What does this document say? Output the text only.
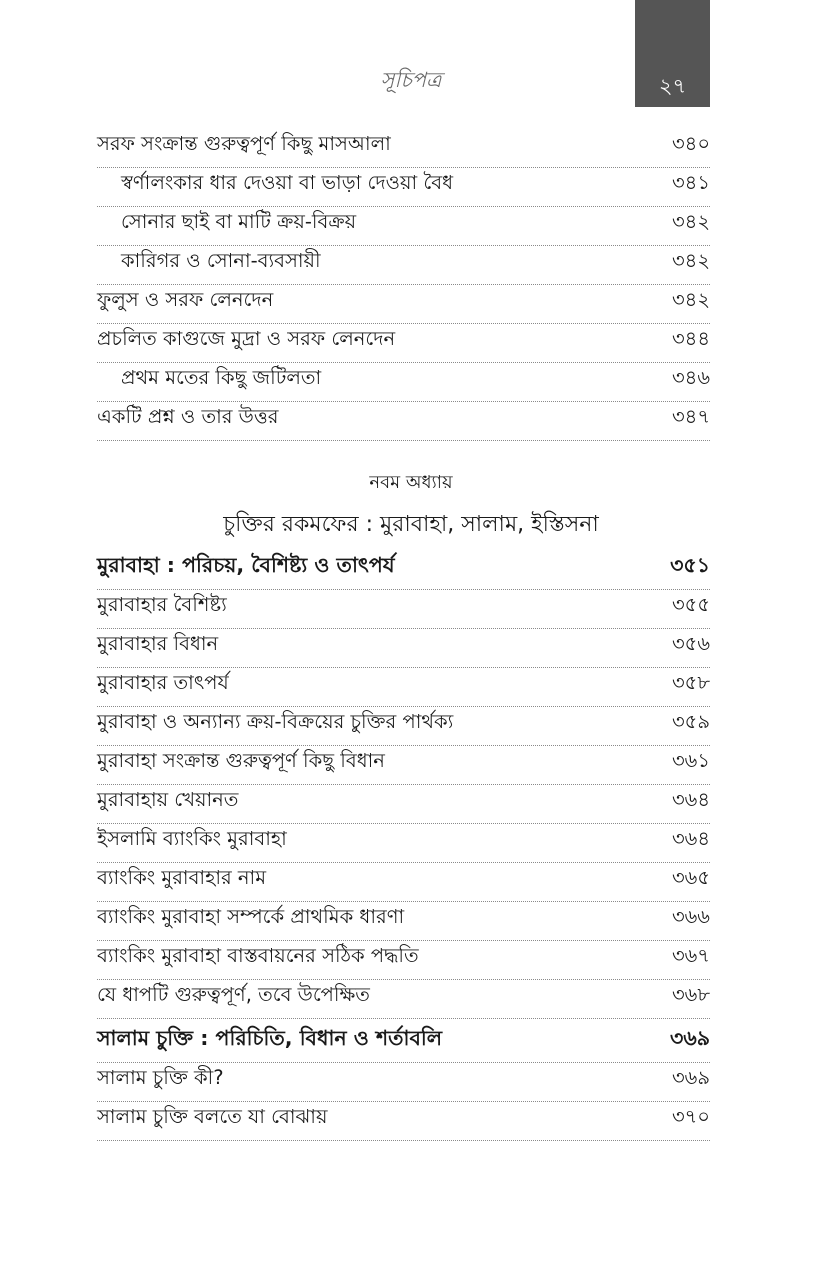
সূচিপত্র	২৭
সরফ সংক্রান্ত গুরুত্বপূর্ণ কিছু মাসআলা	৩৪০
স্বর্ণালংকার ধার দেওয়া বা ভাড়া দেওয়া বৈধ	৩৪১
সোনার ছাই বা মাটি ক্রয়-বিক্রয়	৩৪২
কারিগর ও সোনা-ব্যবসায়ী	৩৪২
ফুলুস ও সরফ লেনদেন	৩৪২
প্রচলিত কাগুজে মুদ্রা ও সরফ লেনদেন	৩৪৪
প্রথম মতের কিছু জটিলতা	৩৪৬
একটি প্রশ্ন ও তার উত্তর	৩৪৭
নবম অধ্যায়
চুক্তির রকমফের : মুরাবাহা, সালাম, ইস্তিসনা
মুরাবাহা : পরিচয়, বৈশিষ্ট্য ও তাৎপর্য	৩৫১
মুরাবাহার বৈশিষ্ট্য	৩৫৫
মুরাবাহার বিধান	৩৫৬
মুরাবাহার তাৎপর্য	৩৫৮
মুরাবাহা ও অন্যান্য ক্রয়-বিক্রয়ের চুক্তির পার্থক্য	৩৫৯
মুরাবাহা সংক্রান্ত গুরুত্বপূর্ণ কিছু বিধান	৩৬১
মুরাবাহায় খেয়ানত	৩৬৪
ইসলামি ব্যাংকিং মুরাবাহা	৩৬৪
ব্যাংকিং মুরাবাহার নাম	৩৬৫
ব্যাংকিং মুরাবাহা সম্পর্কে প্রাথমিক ধারণা	৩৬৬
ব্যাংকিং মুরাবাহা বাস্তবায়নের সঠিক পদ্ধতি	৩৬৭
যে ধাপটি গুরুত্বপূর্ণ, তবে উপেক্ষিত	৩৬৮
সালাম চুক্তি : পরিচিতি, বিধান ও শর্তাবলি	৩৬৯
সালাম চুক্তি কী?	৩৬৯
সালাম চুক্তি বলতে যা বোঝায়	৩৭০
